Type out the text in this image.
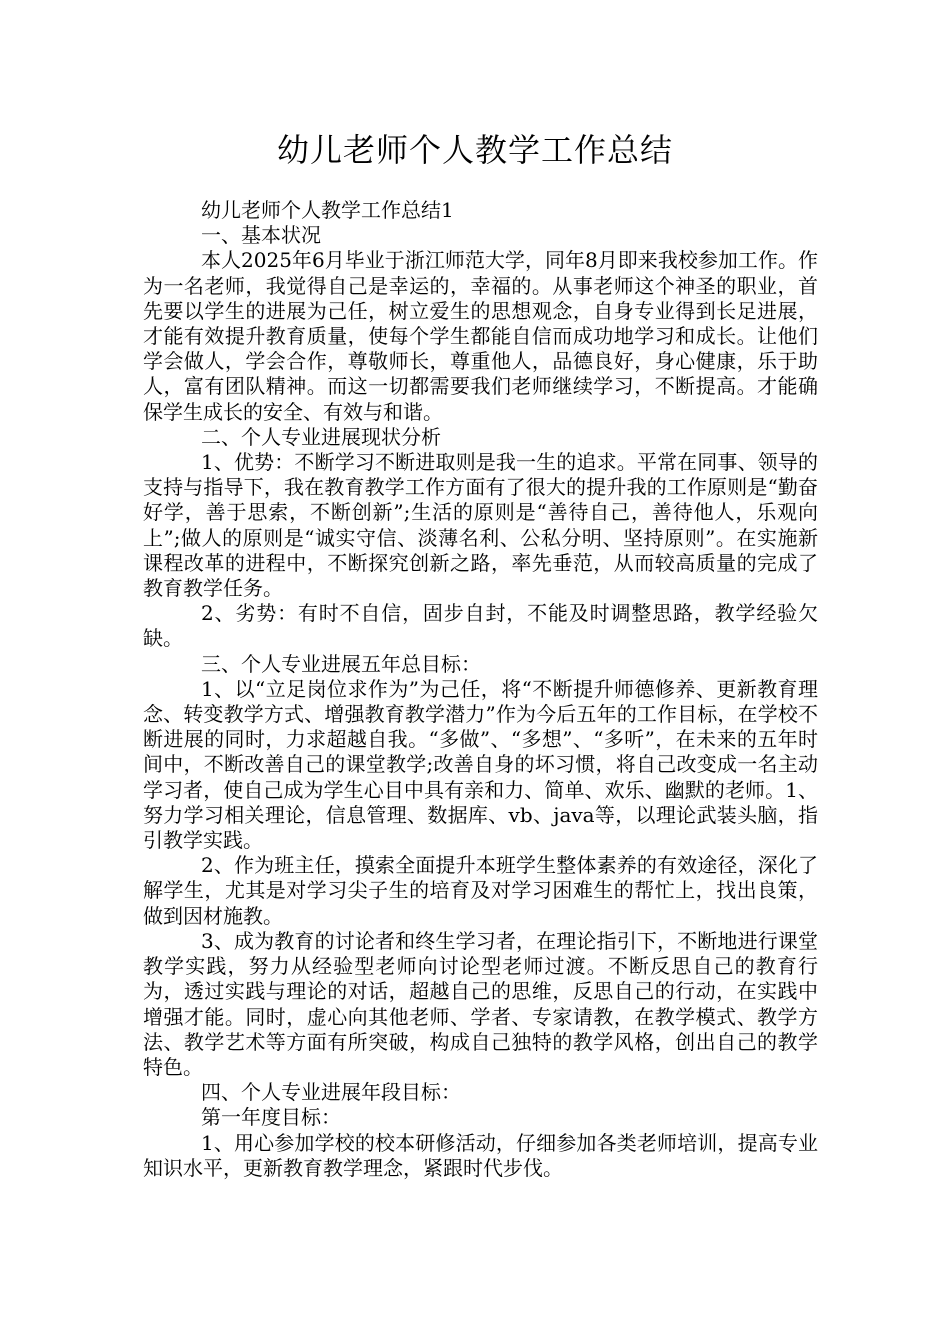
幼儿老师个人教学工作总结

幼儿老师个人教学工作总结1

一、基本状况

本人2025年6月毕业于浙江师范大学，同年8月即来我校参加工作。作为一名老师，我觉得自己是幸运的，幸福的。从事老师这个神圣的职业，首先要以学生的进展为己任，树立爱生的思想观念，自身专业得到长足进展，才能有效提升教育质量，使每个学生都能自信而成功地学习和成长。让他们学会做人，学会合作，尊敬师长，尊重他人，品德良好，身心健康，乐于助人，富有团队精神。而这一切都需要我们老师继续学习，不断提高。才能确保学生成长的安全、有效与和谐。

二、个人专业进展现状分析

1、优势：不断学习不断进取则是我一生的追求。平常在同事、领导的支持与指导下，我在教育教学工作方面有了很大的提升我的工作原则是“勤奋好学，善于思索，不断创新”;生活的原则是“善待自己，善待他人，乐观向上”;做人的原则是“诚实守信、淡薄名利、公私分明、坚持原则”。在实施新课程改革的进程中，不断探究创新之路，率先垂范，从而较高质量的完成了教育教学任务。

2、劣势：有时不自信，固步自封，不能及时调整思路，教学经验欠缺。

三、个人专业进展五年总目标：

1、以“立足岗位求作为”为己任，将“不断提升师德修养、更新教育理念、转变教学方式、增强教育教学潜力”作为今后五年的工作目标，在学校不断进展的同时，力求超越自我。“多做”、“多想”、“多听”，在未来的五年时间中，不断改善自己的课堂教学;改善自身的坏习惯，将自己改变成一名主动学习者，使自己成为学生心目中具有亲和力、简单、欢乐、幽默的老师。1、努力学习相关理论，信息管理、数据库、vb、java等，以理论武装头脑，指引教学实践。

2、作为班主任，摸索全面提升本班学生整体素养的有效途径，深化了解学生，尤其是对学习尖子生的培育及对学习困难生的帮忙上，找出良策，做到因材施教。

3、成为教育的讨论者和终生学习者，在理论指引下，不断地进行课堂教学实践，努力从经验型老师向讨论型老师过渡。不断反思自己的教育行为，透过实践与理论的对话，超越自己的思维，反思自己的行动，在实践中增强才能。同时，虚心向其他老师、学者、专家请教，在教学模式、教学方法、教学艺术等方面有所突破，构成自己独特的教学风格，创出自己的教学特色。

四、个人专业进展年段目标：

第一年度目标：

1、用心参加学校的校本研修活动，仔细参加各类老师培训，提高专业知识水平，更新教育教学理念，紧跟时代步伐。
